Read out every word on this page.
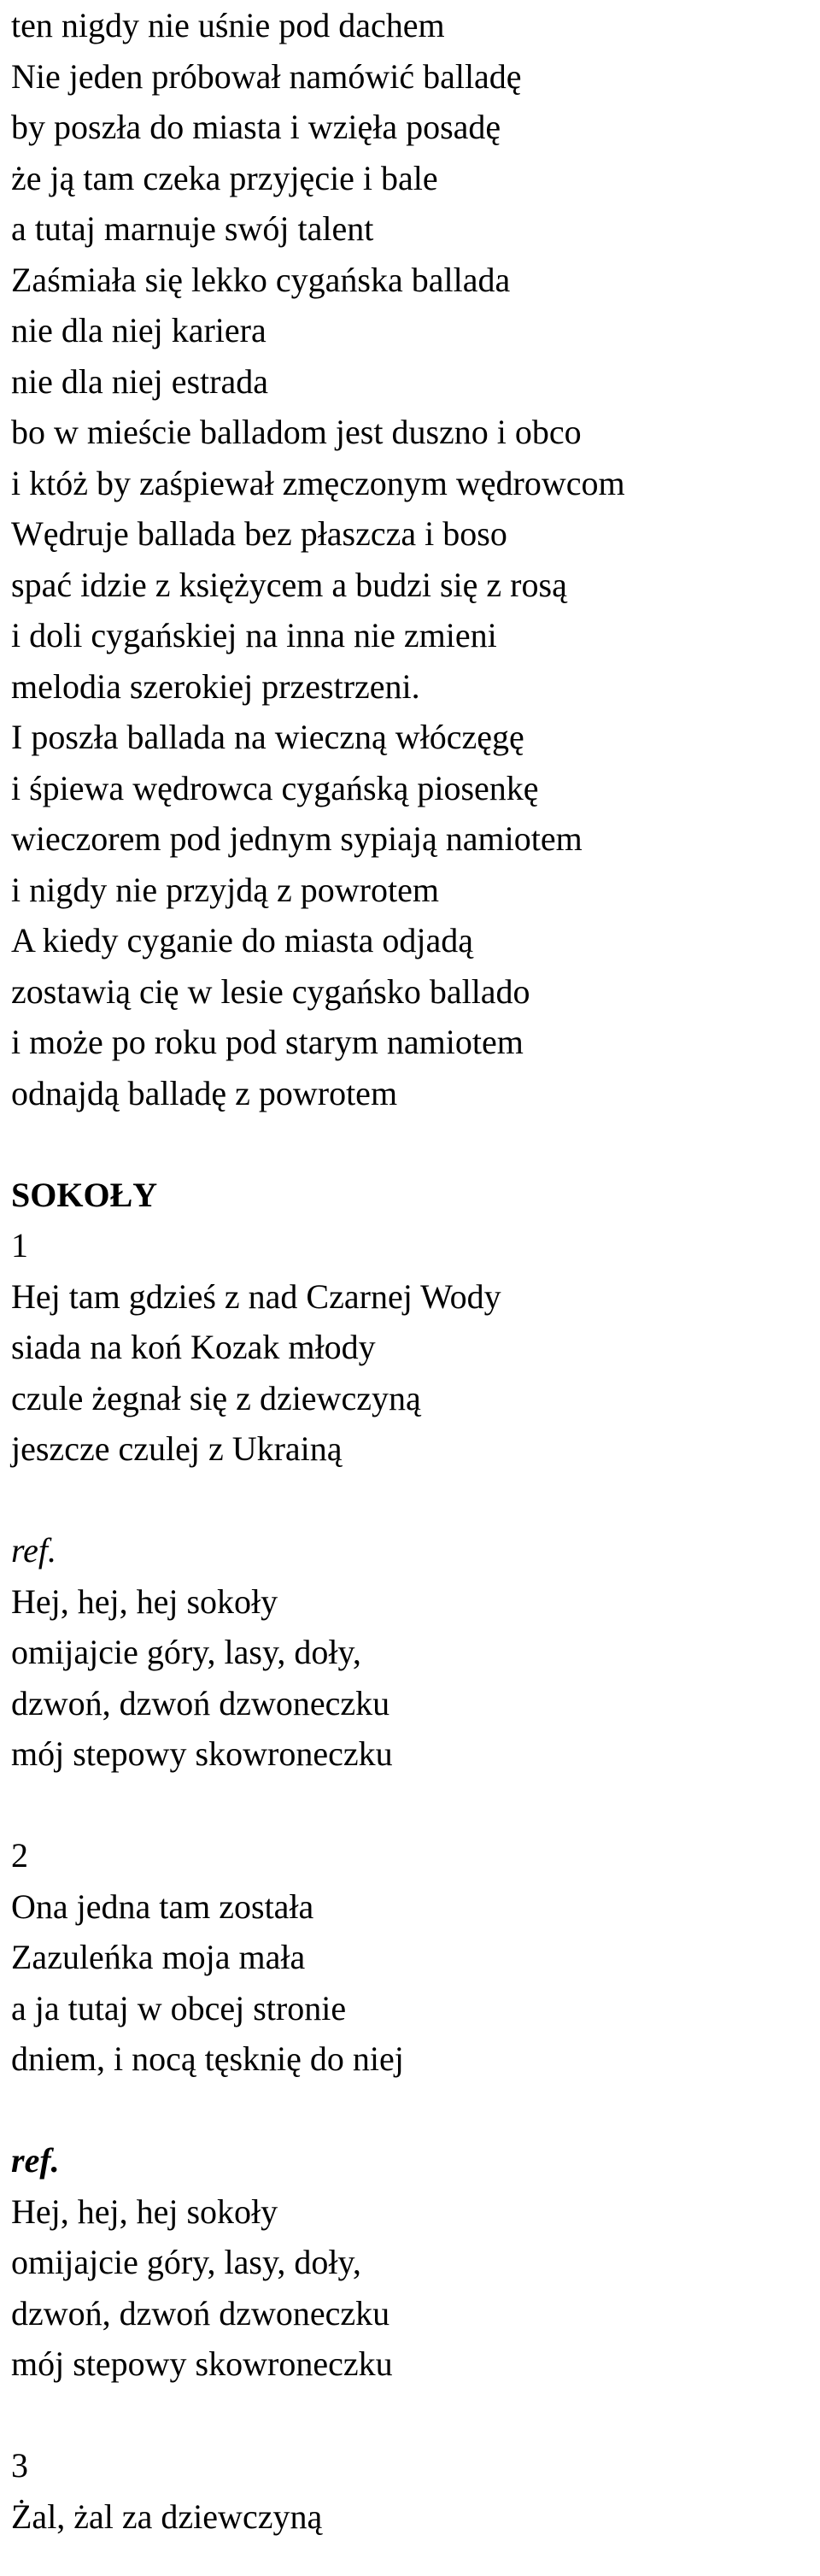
ten nigdy nie uśnie pod dachem
Nie jeden próbował namówić balladę
by poszła do miasta i wzięła posadę
że ją tam czeka przyjęcie i bale
a tutaj marnuje swój talent
Zaśmiała się lekko cygańska ballada
nie dla niej kariera
nie dla niej estrada
bo w mieście balladom jest duszno i obco
i któż by zaśpiewał zmęczonym wędrowcom
Wędruje ballada bez płaszcza i boso
spać idzie z księżycem a budzi się z rosą
i doli cygańskiej na inna nie zmieni
melodia szerokiej przestrzeni.
I poszła ballada na wieczną włóczęgę
i śpiewa wędrowca cygańską piosenkę
wieczorem pod jednym sypiają namiotem
i nigdy nie przyjdą z powrotem
A kiedy cyganie do miasta odjadą
zostawią cię w lesie cygańsko ballado
i może po roku pod starym namiotem
odnajdą balladę z powrotem
SOKOŁY
1
Hej tam gdzieś z nad Czarnej Wody
siada na koń Kozak młody
czule żegnał się z dziewczyną
jeszcze czulej z Ukrainą
ref.
Hej, hej, hej sokoły
omijajcie góry, lasy, doły,
dzwoń, dzwoń dzwoneczku
mój stepowy skowroneczku
2
Ona jedna tam została
Zazuleńka moja mała
a ja tutaj w obcej stronie
dniem, i nocą tęsknię do niej
ref.
Hej, hej, hej sokoły
omijajcie góry, lasy, doły,
dzwoń, dzwoń dzwoneczku
mój stepowy skowroneczku
3
Żal, żal za dziewczyną
